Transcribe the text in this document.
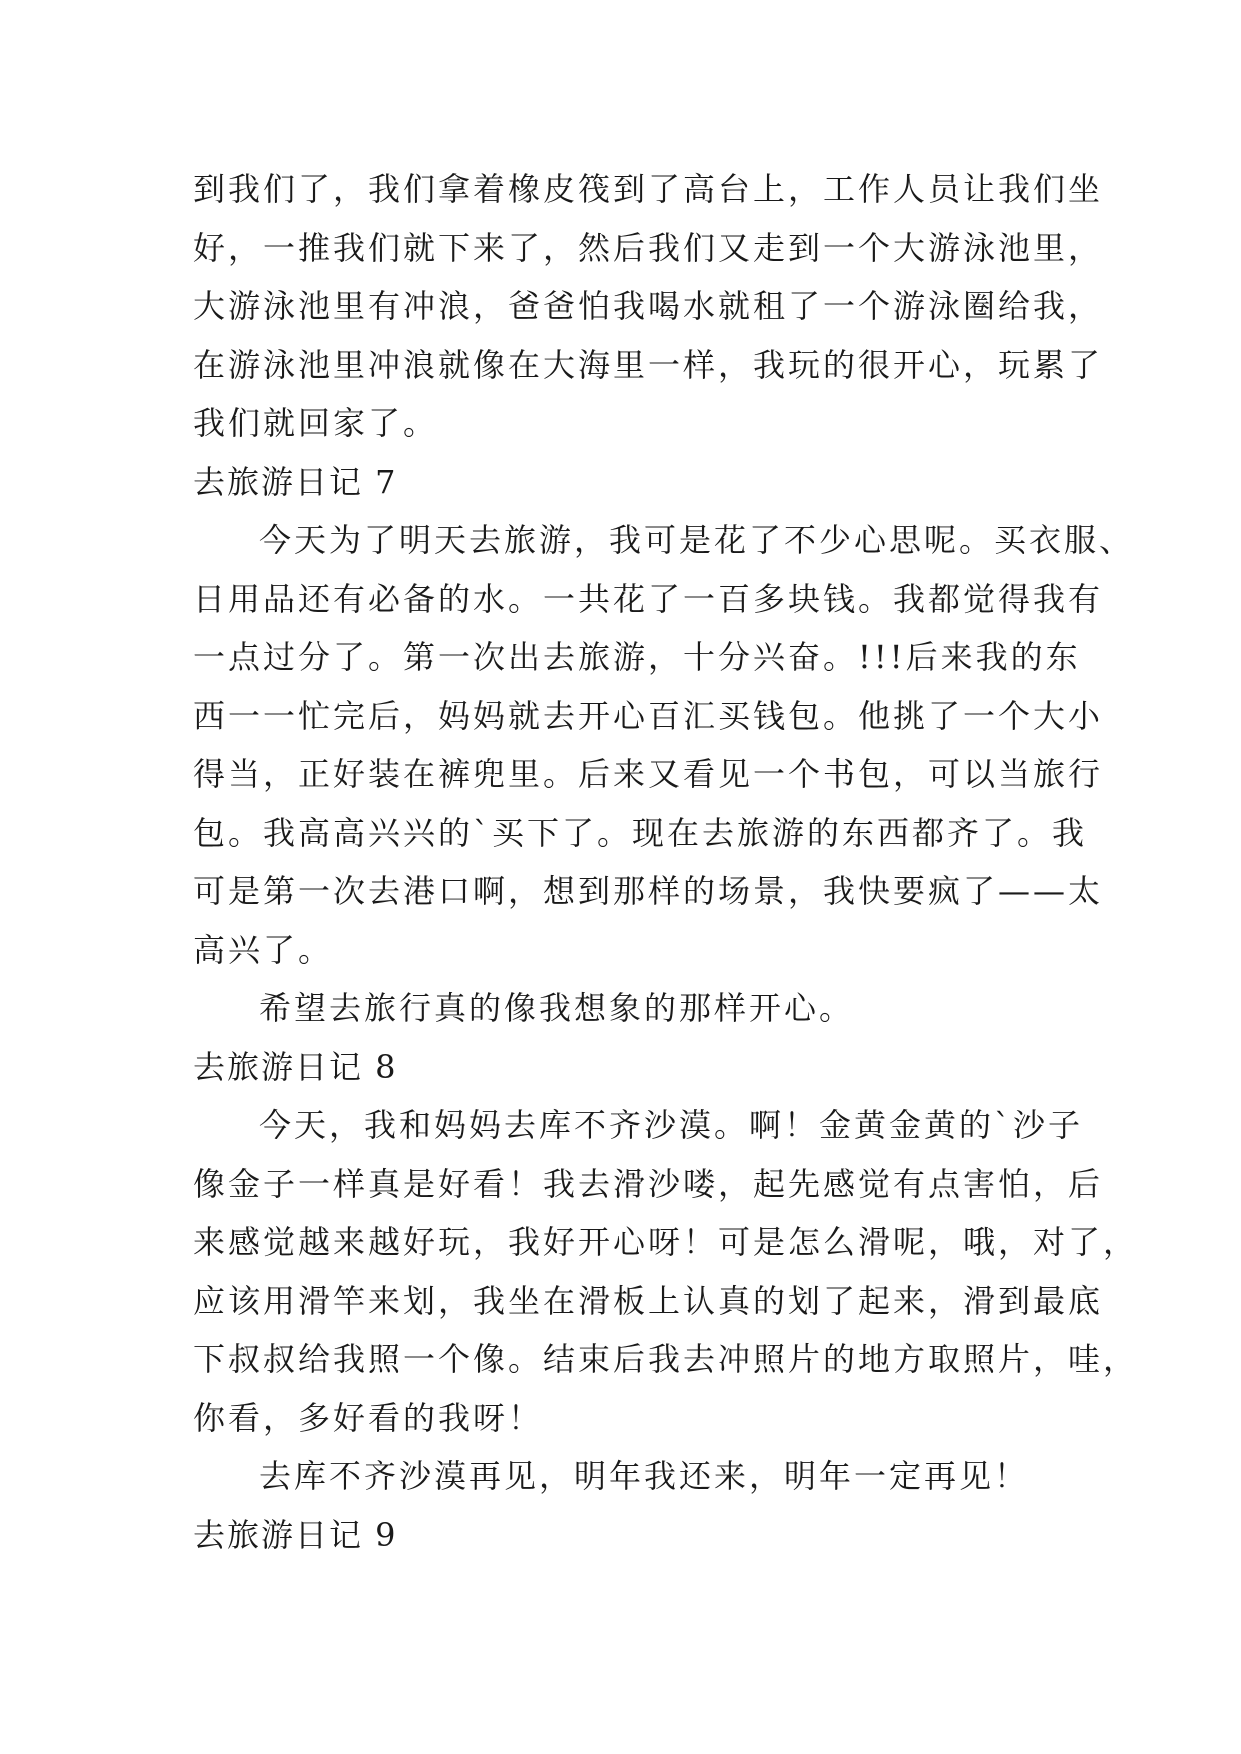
到我们了，我们拿着橡皮筏到了高台上，工作人员让我们坐
好，一推我们就下来了，然后我们又走到一个大游泳池里，
大游泳池里有冲浪，爸爸怕我喝水就租了一个游泳圈给我，
在游泳池里冲浪就像在大海里一样，我玩的很开心，玩累了
我们就回家了。
去旅游日记 7
今天为了明天去旅游，我可是花了不少心思呢。买衣服、
日用品还有必备的水。一共花了一百多块钱。我都觉得我有
一点过分了。第一次出去旅游，十分兴奋。!!!后来我的东
西一一忙完后，妈妈就去开心百汇买钱包。他挑了一个大小
得当，正好装在裤兜里。后来又看见一个书包，可以当旅行
包。我高高兴兴的`买下了。现在去旅游的东西都齐了。我
可是第一次去港口啊，想到那样的场景，我快要疯了——太
高兴了。
希望去旅行真的像我想象的那样开心。
去旅游日记 8
今天，我和妈妈去库不齐沙漠。啊！金黄金黄的`沙子
像金子一样真是好看！我去滑沙喽，起先感觉有点害怕，后
来感觉越来越好玩，我好开心呀！可是怎么滑呢，哦，对了，
应该用滑竿来划，我坐在滑板上认真的划了起来，滑到最底
下叔叔给我照一个像。结束后我去冲照片的地方取照片，哇，
你看，多好看的我呀！
去库不齐沙漠再见，明年我还来，明年一定再见！
去旅游日记 9
